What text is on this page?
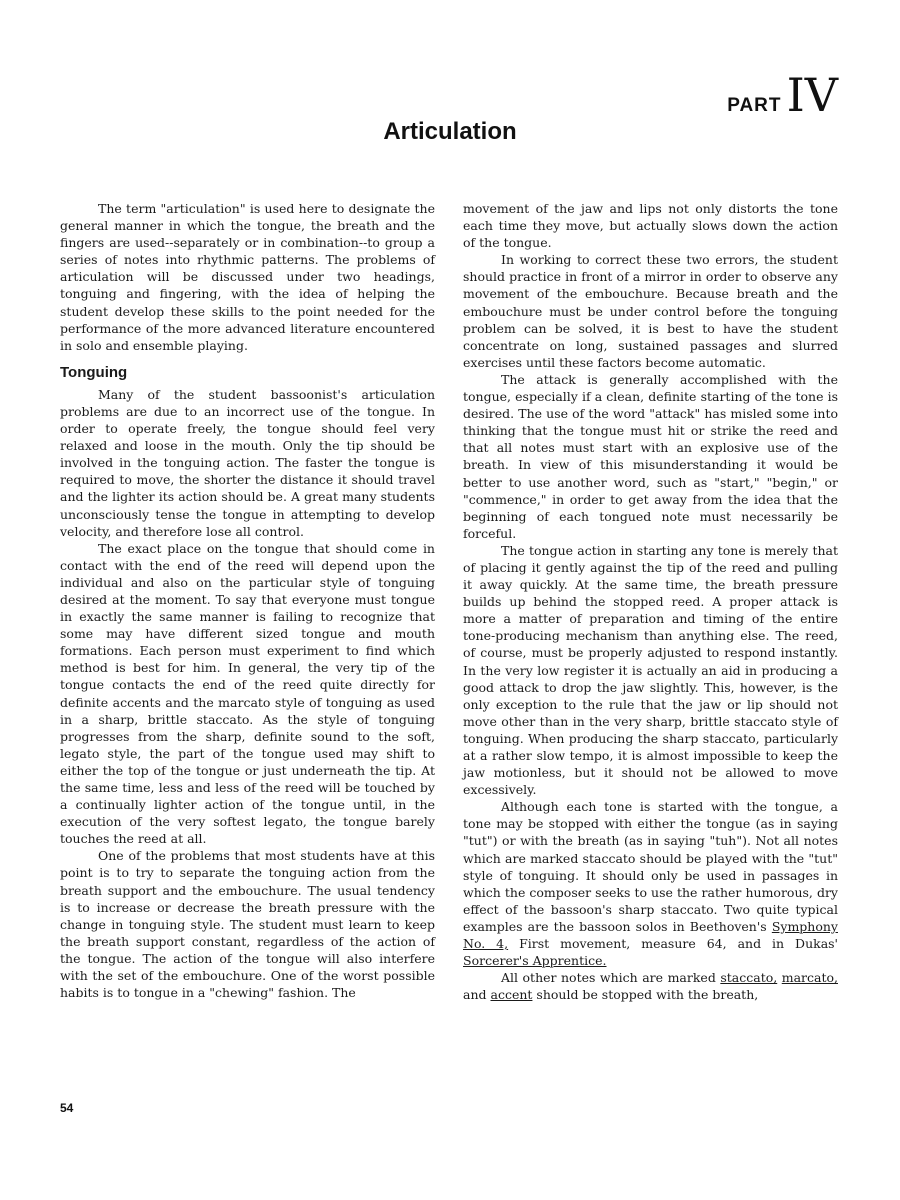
PART IV
Articulation

The term "articulation" is used here to designate the general manner in which the tongue, the breath and the fingers are used--separately or in combination--to group a series of notes into rhythmic patterns. The problems of articulation will be discussed under two headings, tonguing and fingering, with the idea of helping the student develop these skills to the point needed for the performance of the more advanced literature encountered in solo and ensemble playing.

Tonguing

Many of the student bassoonist's articulation problems are due to an incorrect use of the tongue. In order to operate freely, the tongue should feel very relaxed and loose in the mouth. Only the tip should be involved in the tonguing action. The faster the tongue is required to move, the shorter the distance it should travel and the lighter its action should be. A great many students unconsciously tense the tongue in attempting to develop velocity, and therefore lose all control.

The exact place on the tongue that should come in contact with the end of the reed will depend upon the individual and also on the particular style of tonguing desired at the moment. To say that everyone must tongue in exactly the same manner is failing to recognize that some may have different sized tongue and mouth formations. Each person must experiment to find which method is best for him. In general, the very tip of the tongue contacts the end of the reed quite directly for definite accents and the marcato style of tonguing as used in a sharp, brittle staccato. As the style of tonguing progresses from the sharp, definite sound to the soft, legato style, the part of the tongue used may shift to either the top of the tongue or just underneath the tip. At the same time, less and less of the reed will be touched by a continually lighter action of the tongue until, in the execution of the very softest legato, the tongue barely touches the reed at all.

One of the problems that most students have at this point is to try to separate the tonguing action from the breath support and the embouchure. The usual tendency is to increase or decrease the breath pressure with the change in tonguing style. The student must learn to keep the breath support constant, regardless of the action of the tongue. The action of the tongue will also interfere with the set of the embouchure. One of the worst possible habits is to tongue in a "chewing" fashion. The

movement of the jaw and lips not only distorts the tone each time they move, but actually slows down the action of the tongue.

In working to correct these two errors, the student should practice in front of a mirror in order to observe any movement of the embouchure. Because breath and the embouchure must be under control before the tonguing problem can be solved, it is best to have the student concentrate on long, sustained passages and slurred exercises until these factors become automatic.

The attack is generally accomplished with the tongue, especially if a clean, definite starting of the tone is desired. The use of the word "attack" has misled some into thinking that the tongue must hit or strike the reed and that all notes must start with an explosive use of the breath. In view of this misunderstanding it would be better to use another word, such as "start," "begin," or "commence," in order to get away from the idea that the beginning of each tongued note must necessarily be forceful.

The tongue action in starting any tone is merely that of placing it gently against the tip of the reed and pulling it away quickly. At the same time, the breath pressure builds up behind the stopped reed. A proper attack is more a matter of preparation and timing of the entire tone-producing mechanism than anything else. The reed, of course, must be properly adjusted to respond instantly. In the very low register it is actually an aid in producing a good attack to drop the jaw slightly. This, however, is the only exception to the rule that the jaw or lip should not move other than in the very sharp, brittle staccato style of tonguing. When producing the sharp staccato, particularly at a rather slow tempo, it is almost impossible to keep the jaw motionless, but it should not be allowed to move excessively.

Although each tone is started with the tongue, a tone may be stopped with either the tongue (as in saying "tut") or with the breath (as in saying "tuh"). Not all notes which are marked staccato should be played with the "tut" style of tonguing. It should only be used in passages in which the composer seeks to use the rather humorous, dry effect of the bassoon's sharp staccato. Two quite typical examples are the bassoon solos in Beethoven's Symphony No. 4, First movement, measure 64, and in Dukas' Sorcerer's Apprentice.

All other notes which are marked staccato, marcato, and accent should be stopped with the breath,

54
